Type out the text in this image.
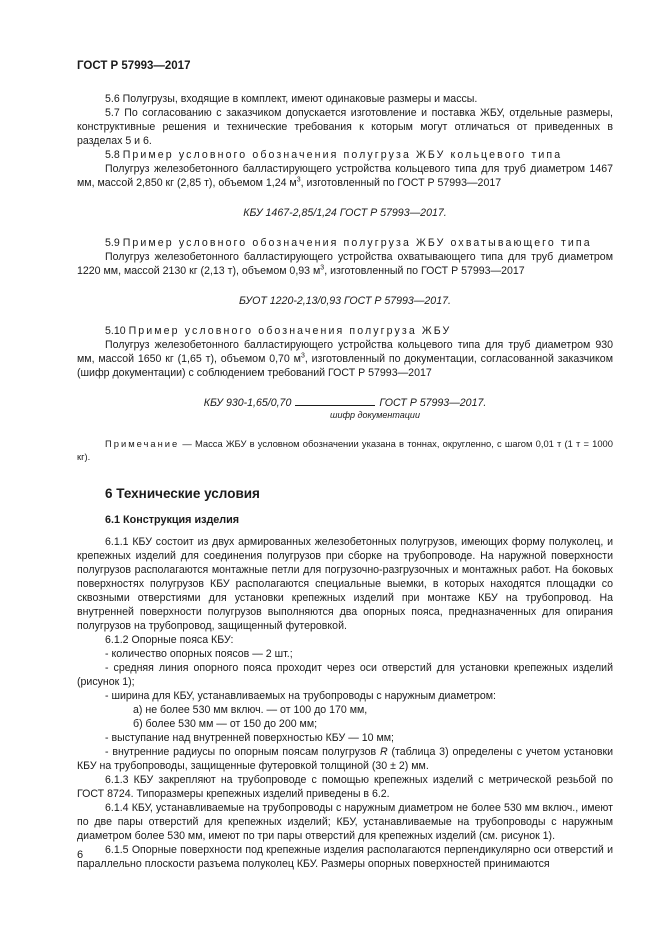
ГОСТ Р 57993—2017

5.6 Полугрузы, входящие в комплект, имеют одинаковые размеры и массы.

5.7 По согласованию с заказчиком допускается изготовление и поставка ЖБУ, отдельные размеры, конструктивные решения и технические требования к которым могут отличаться от приведенных в разделах 5 и 6.

5.8 Пример условного обозначения полугруза ЖБУ кольцевого типа

Полугруз железобетонного балластирующего устройства кольцевого типа для труб диаметром 1467 мм, массой 2,850 кг (2,85 т), объемом 1,24 $м^3$, изготовленный по ГОСТ Р 57993—2017

КБУ 1467-2,85/1,24 ГОСТ Р 57993—2017.

5.9 Пример условного обозначения полугруза ЖБУ охватывающего типа

Полугруз железобетонного балластирующего устройства охватывающего типа для труб диаметром 1220 мм, массой 2130 кг (2,13 т), объемом 0,93 $м^3$, изготовленный по ГОСТ Р 57993—2017

БУОТ 1220-2,13/0,93 ГОСТ Р 57993—2017.

5.10 Пример условного обозначения полугруза ЖБУ

Полугруз железобетонного балластирующего устройства кольцевого типа для труб диаметром 930 мм, массой 1650 кг (1,65 т), объемом 0,70 $м^3$, изготовленный по документации, согласованной заказчиком (шифр документации) с соблюдением требований ГОСТ Р 57993—2017

КБУ 930-1,65/0,70	ГОСТ Р 57993—2017.
шифр документации

Примечание — Масса ЖБУ в условном обозначении указана в тоннах, округленно, с шагом 0,01 т (1 т = 1000 кг).

6 Технические условия
6.1 Конструкция изделия

6.1.1 КБУ состоит из двух армированных железобетонных полугрузов, имеющих форму полуколец, и крепежных изделий для соединения полугрузов при сборке на трубопроводе. На наружной поверхности полугрузов располагаются монтажные петли для погрузочно-разгрузочных и монтажных работ. На боковых поверхностях полугрузов КБУ располагаются специальные выемки, в которых находятся площадки со сквозными отверстиями для установки крепежных изделий при монтаже КБУ на трубопровод. На внутренней поверхности полугрузов выполняются два опорных пояса, предназначенных для опирания полугрузов на трубопровод, защищенный футеровкой.

6.1.2 Опорные пояса КБУ:

- количество опорных поясов — 2 шт.;

- средняя линия опорного пояса проходит через оси отверстий для установки крепежных изделий (рисунок 1);

- ширина для КБУ, устанавливаемых на трубопроводы с наружным диаметром:

а) не более 530 мм включ. — от 100 до 170 мм,

б) более 530 мм — от 150 до 200 мм;

- выступание над внутренней поверхностью КБУ — 10 мм;

- внутренние радиусы по опорным поясам полугрузов R (таблица 3) определены с учетом установки КБУ на трубопроводы, защищенные футеровкой толщиной (30 ± 2) мм.

6.1.3 КБУ закрепляют на трубопроводе с помощью крепежных изделий с метрической резьбой по ГОСТ 8724. Типоразмеры крепежных изделий приведены в 6.2.

6.1.4 КБУ, устанавливаемые на трубопроводы с наружным диаметром не более 530 мм включ., имеют по две пары отверстий для крепежных изделий; КБУ, устанавливаемые на трубопроводы с наружным диаметром более 530 мм, имеют по три пары отверстий для крепежных изделий (см. рисунок 1).

6.1.5 Опорные поверхности под крепежные изделия располагаются перпендикулярно оси отверстий и параллельно плоскости разъема полуколец КБУ. Размеры опорных поверхностей принимаются

6
